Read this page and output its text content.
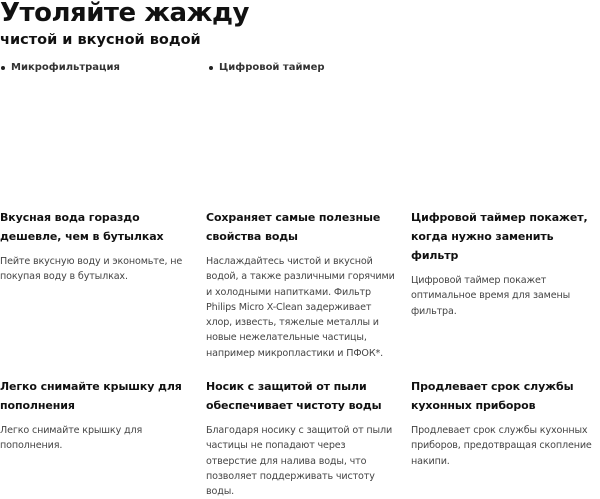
Утоляйте жажду
чистой и вкусной водой
Микрофильтрация	Цифровой таймер
Вкусная вода гораздо дешевле, чем в бутылках

Пейте вкусную воду и экономьте, не покупая воду в бутылках.

Сохраняет самые полезные свойства воды

Наслаждайтесь чистой и вкусной водой, а также различными горячими и холодными напитками. Фильтр Philips Micro X-Clean задерживает хлор, известь, тяжелые металлы и новые нежелательные частицы, например микропластики и ПФОК*.

Цифровой таймер покажет, когда нужно заменить фильтр

Цифровой таймер покажет оптимальное время для замены фильтра.

Легко снимайте крышку для пополнения

Легко снимайте крышку для пополнения.

Носик с защитой от пыли обеспечивает чистоту воды

Благодаря носику с защитой от пыли частицы не попадают через отверстие для налива воды, что позволяет поддерживать чистоту воды.

Продлевает срок службы кухонных приборов

Продлевает срок службы кухонных приборов, предотвращая скопление накипи.
